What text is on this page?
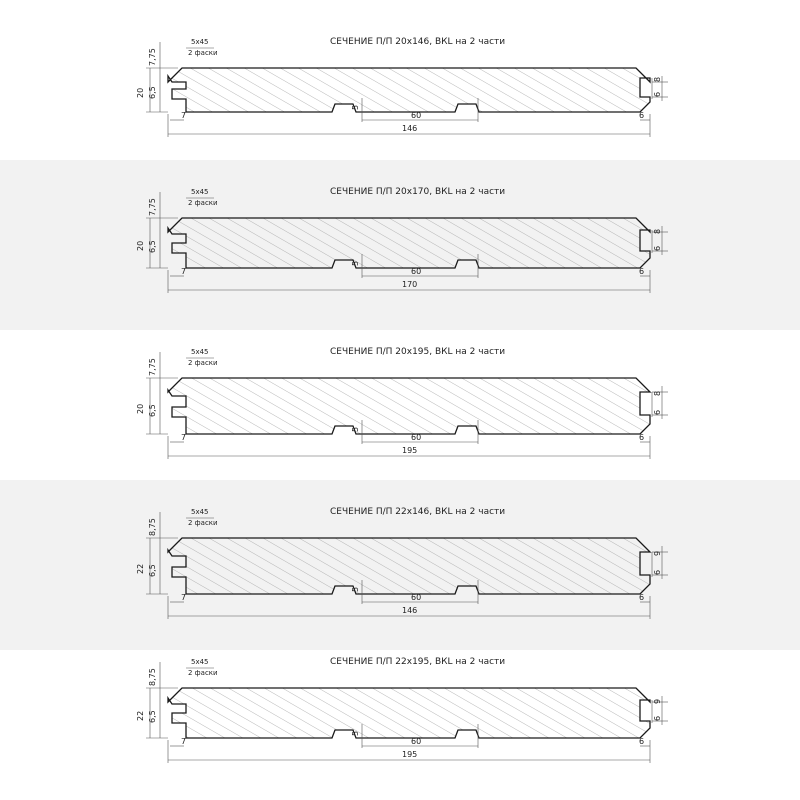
СЕЧЕНИЕ П/П 20х146, ВКL на 2 части
5х45
2 фаски
20
7,75
6,5
7
5
60	6
146
8
6
СЕЧЕНИЕ П/П 20х170, ВКL на 2 части
5х45
2 фаски
20
7,75
6,5
7
5
60	6
170
8
6
СЕЧЕНИЕ П/П 20х195, ВКL на 2 части
5х45
2 фаски
20
7,75
6,5
7
5
60	6
195
8
6
СЕЧЕНИЕ П/П 22х146, ВКL на 2 части
5х45
2 фаски
22
8,75
6,5
7
5
60	6
146
9
6
СЕЧЕНИЕ П/П 22х195, ВКL на 2 части
5х45
2 фаски
22
8,75
6,5
7
5
60	6
195
9
6
